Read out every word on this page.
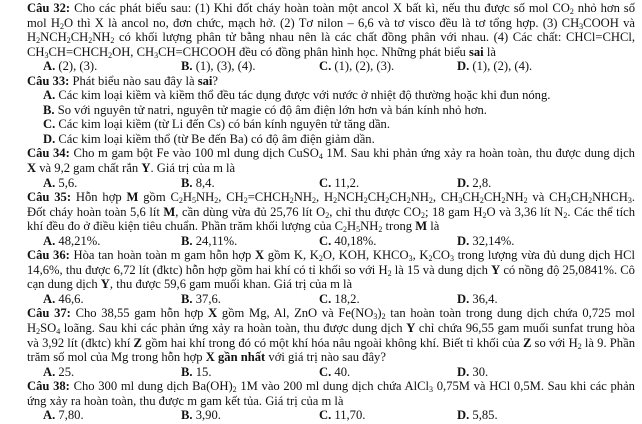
Câu 32: Cho các phát biểu sau: (1) Khi đốt cháy hoàn toàn một ancol X bất kì, nếu thu được số mol $CO_2$ nhỏ hơn số mol $H_2O$ thì X là ancol no, đơn chức, mạch hở. (2) Tơ nilon – 6,6 và tơ visco đều là tơ tổng hợp. (3) $CH_3COOH$ và $H_2NCH_2CH_2NH_2$ có khối lượng phân tử bằng nhau nên là các chất đồng phân với nhau. (4) Các chất: CHCl=CHCl, $CH_3CH=CHCH_2OH$, $CH_3CH=CHCOOH$ đều có đồng phân hình học. Những phát biểu sai là

A. (2), (3).	B. (1), (3), (4).	C. (1), (2), (3).	D. (1), (2), (4).

Câu 33: Phát biểu nào sau đây là sai?

A. Các kim loại kiềm và kiềm thổ đều tác dụng được với nước ở nhiệt độ thường hoặc khi đun nóng.

B. So với nguyên tử natri, nguyên tử magie có độ âm điện lớn hơn và bán kính nhỏ hơn.

C. Các kim loại kiềm (từ Li đến Cs) có bán kính nguyên tử tăng dần.

D. Các kim loại kiềm thổ (từ Be đến Ba) có độ âm điện giảm dần.

Câu 34: Cho m gam bột Fe vào 100 ml dung dịch CuSO$_4$ 1M. Sau khi phản ứng xảy ra hoàn toàn, thu được dung dịch X và 9,2 gam chất rắn Y. Giá trị của m là

A. 5,6.	B. 8,4.	C. 11,2.	D. 2,8.

Câu 35: Hỗn hợp M gồm $C_2H_5NH_2$, $CH_2=CHCH_2NH_2$, $H_2NCH_2CH_2CH_2NH_2$, $CH_3CH_2CH_2NH_2$ và $CH_3CH_2NHCH_3$. Đốt cháy hoàn toàn 5,6 lít M, cần dùng vừa đủ 25,76 lít $O_2$, chỉ thu được $CO_2$; 18 gam $H_2O$ và 3,36 lít $N_2$. Các thể tích khí đều đo ở điều kiện tiêu chuẩn. Phần trăm khối lượng của $C_2H_5NH_2$ trong M là

A. 48,21%.	B. 24,11%.	C. 40,18%.	D. 32,14%.

Câu 36: Hòa tan hoàn toàn m gam hỗn hợp X gồm K, $K_2O$, KOH, $KHCO_3$, $K_2CO_3$ trong lượng vừa đủ dung dịch HCl 14,6%, thu được 6,72 lít (đktc) hỗn hợp gồm hai khí có tỉ khối so với $H_2$ là 15 và dung dịch Y có nồng độ 25,0841%. Cô cạn dung dịch Y, thu được 59,6 gam muối khan. Giá trị của m là

A. 46,6.	B. 37,6.	C. 18,2.	D. 36,4.

Câu 37: Cho 38,55 gam hỗn hợp X gồm Mg, Al, ZnO và $Fe(NO_3)_2$ tan hoàn toàn trong dung dịch chứa 0,725 mol $H_2SO_4$ loãng. Sau khi các phản ứng xảy ra hoàn toàn, thu được dung dịch Y chỉ chứa 96,55 gam muối sunfat trung hòa và 3,92 lít (đktc) khí Z gồm hai khí trong đó có một khí hóa nâu ngoài không khí. Biết tỉ khối của Z so với $H_2$ là 9. Phần trăm số mol của Mg trong hỗn hợp X gần nhất với giá trị nào sau đây?

A. 25.	B. 15.	C. 40.	D. 30.

Câu 38: Cho 300 ml dung dịch $Ba(OH)_2$ 1M vào 200 ml dung dịch chứa AlCl$_3$ 0,75M và HCl 0,5M. Sau khi các phản ứng xảy ra hoàn toàn, thu được m gam kết tủa. Giá trị của m là

A. 7,80.	B. 3,90.	C. 11,70.	D. 5,85.
